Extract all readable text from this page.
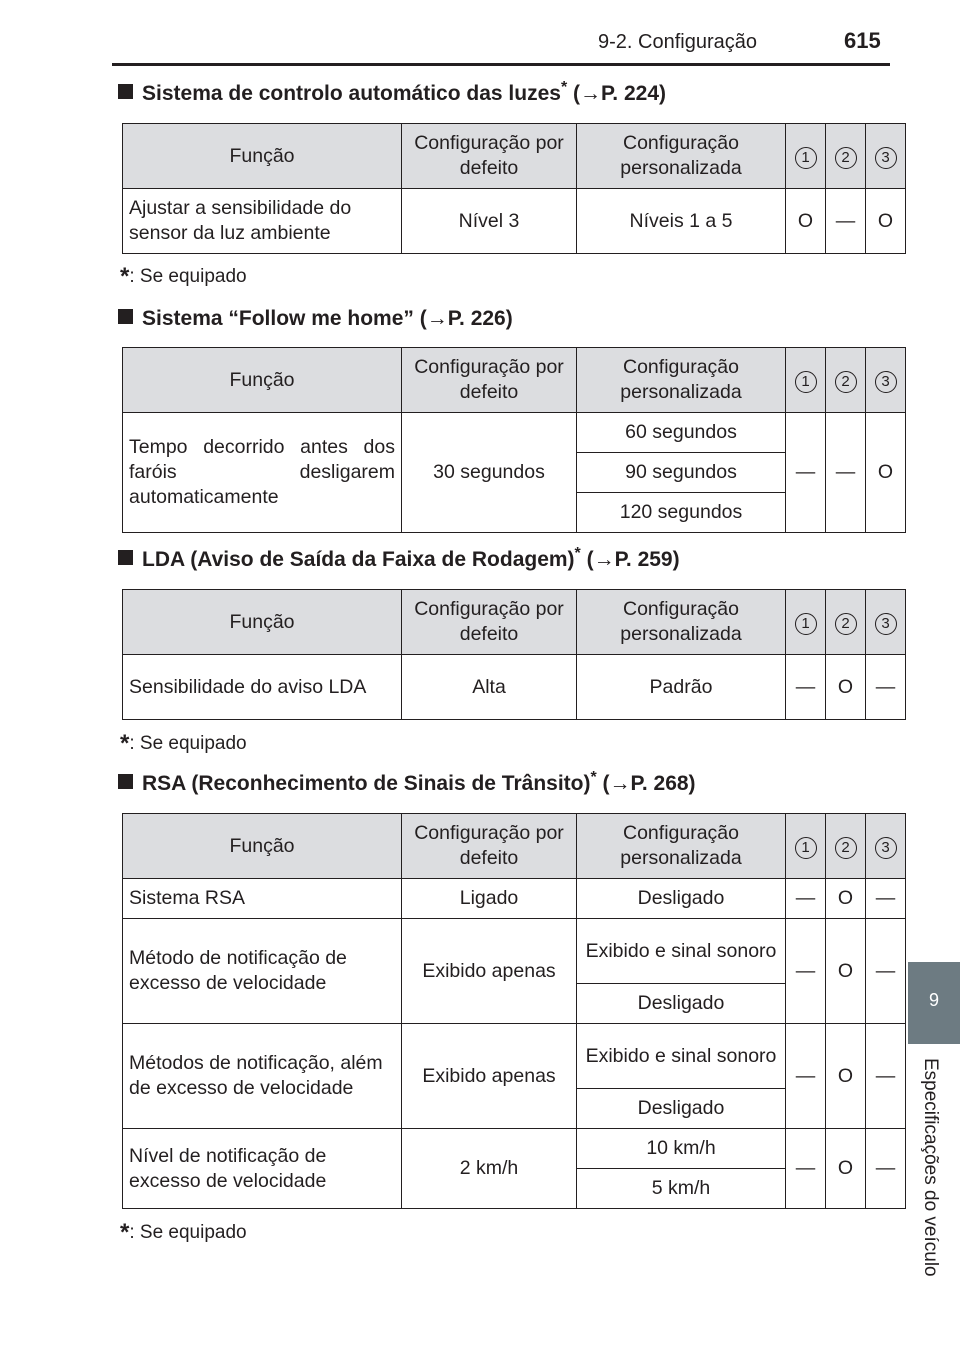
9-2. Configuração	615
9
Especificações do veículo
Sistema de controlo automático das luzes* (→P. 224)
Função	Configuração por defeito	Configuração personalizada	1	2	3
Ajustar a sensibilidade do sensor da luz ambiente	Nível 3	Níveis 1 a 5	O	—	O
*: Se equipado
Sistema “Follow me home” (→P. 226)
Função	Configuração por defeito	Configuração personalizada	1	2	3
Tempo decorrido antes dos faróis desligarem automaticamente	30 segundos	60 segundos	—	—	O
		90 segundos			
		120 segundos			
LDA (Aviso de Saída da Faixa de Rodagem)* (→P. 259)
Função	Configuração por defeito	Configuração personalizada	1	2	3
Sensibilidade do aviso LDA	Alta	Padrão	—	O	—
*: Se equipado
RSA (Reconhecimento de Sinais de Trânsito)* (→P. 268)
Função	Configuração por defeito	Configuração personalizada	1	2	3
Sistema RSA	Ligado	Desligado	—	O	—
Método de notificação de excesso de velocidade	Exibido apenas	Exibido e sinal sonoro	—	O	—
		Desligado			
Métodos de notificação, além de excesso de velocidade	Exibido apenas	Exibido e sinal sonoro	—	O	—
		Desligado			
Nível de notificação de excesso de velocidade	2 km/h	10 km/h	—	O	—
		5 km/h			
*: Se equipado
